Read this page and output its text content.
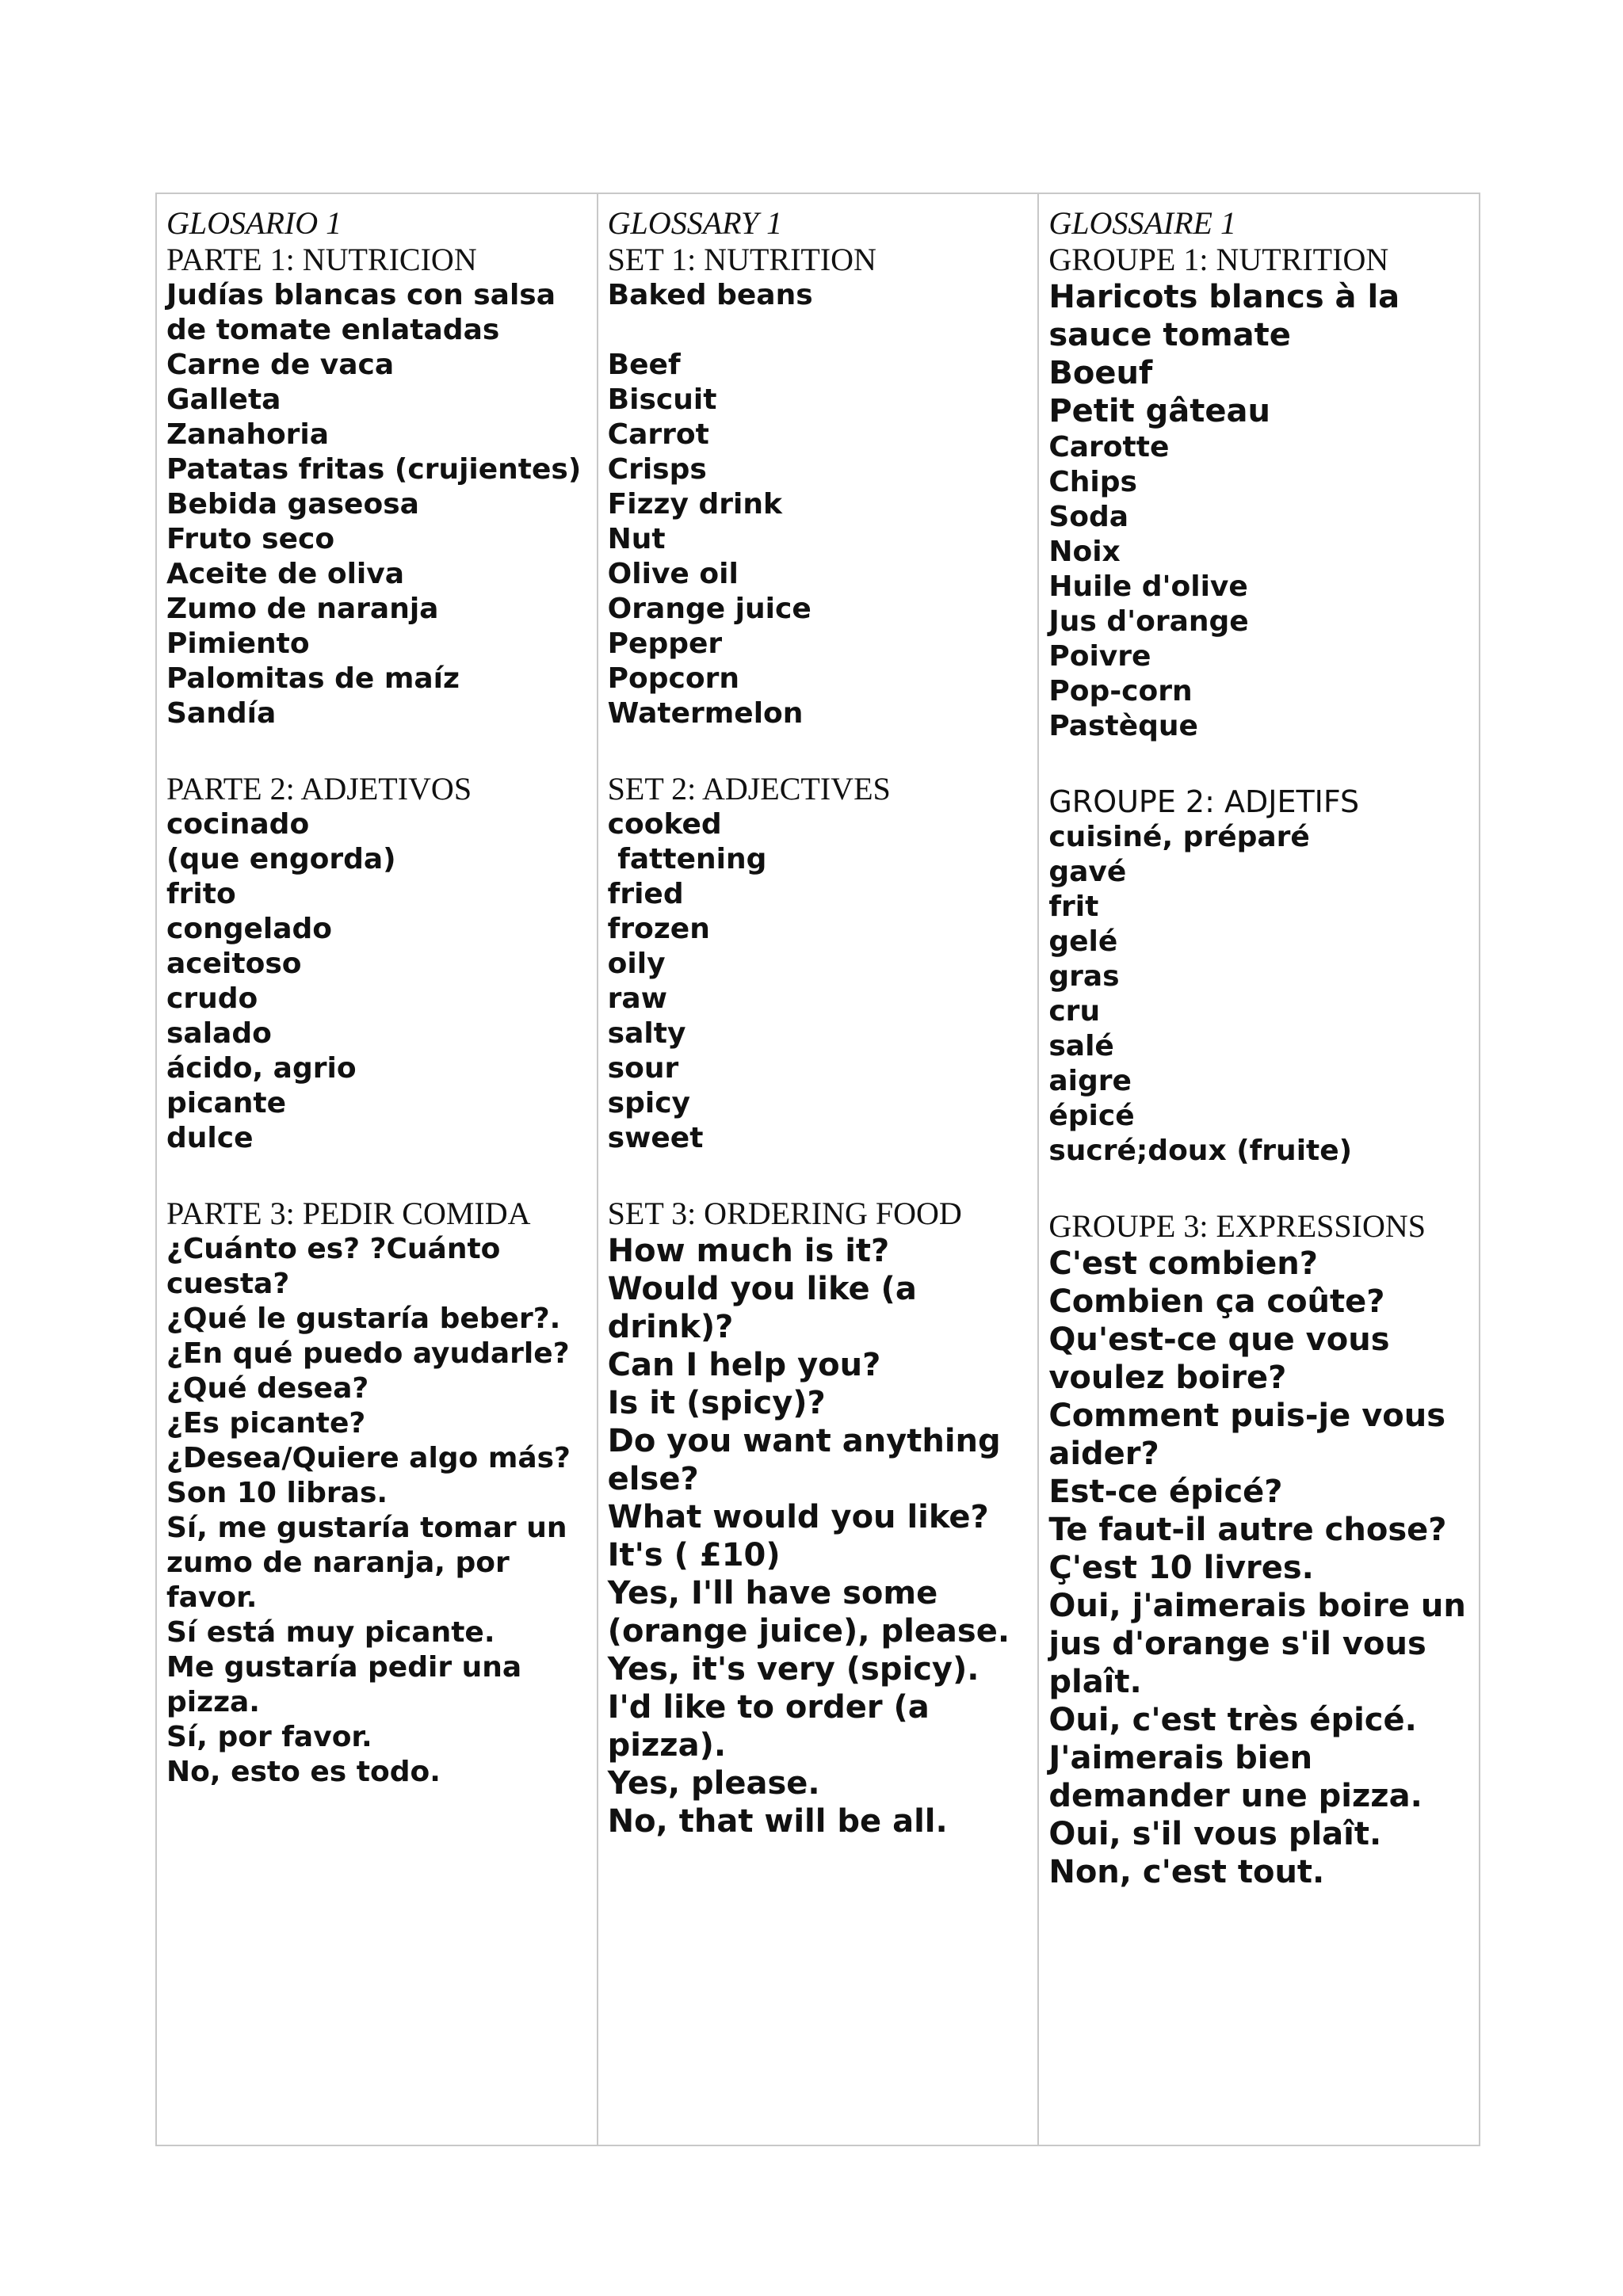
GLOSARIO 1
PARTE 1: NUTRICION
Judías blancas con salsa de tomate enlatadas
Carne de vaca
Galleta
Zanahoria
Patatas fritas (crujientes)
Bebida gaseosa
Fruto seco
Aceite de oliva
Zumo de naranja
Pimiento
Palomitas de maíz
Sandía
PARTE 2: ADJETIVOS
cocinado
(que engorda)
frito
congelado
aceitoso
crudo
salado
ácido, agrio
picante
dulce
PARTE 3: PEDIR COMIDA
¿Cuánto es? ?Cuánto cuesta?
¿Qué le gustaría beber?.
¿En qué puedo ayudarle?
¿Qué desea?
¿Es picante?
¿Desea/Quiere algo más?
Son 10 libras.
Sí, me gustaría tomar un zumo de naranja, por favor.
Sí está muy picante.
Me gustaría pedir una pizza.
Sí, por favor.
No, esto es todo.
GLOSSARY 1
SET 1: NUTRITION
Baked beans
Beef
Biscuit
Carrot
Crisps
Fizzy drink
Nut
Olive oil
Orange juice
Pepper
Popcorn
Watermelon
SET 2: ADJECTIVES
cooked
fattening
fried
frozen
oily
raw
salty
sour
spicy
sweet
SET 3: ORDERING FOOD
How much is it?
Would you like (a drink)?
Can I help you?
Is it (spicy)?
Do you want anything else?
What would you like?
It's ( £10)
Yes, I'll have some (orange juice), please.
Yes, it's very (spicy).
I'd like to order (a pizza).
Yes, please.
No, that will be all.
GLOSSAIRE 1
GROUPE 1: NUTRITION
Haricots blancs à la sauce tomate
Boeuf
Petit gâteau
Carotte
Chips
Soda
Noix
Huile d'olive
Jus d'orange
Poivre
Pop-corn
Pastèque
GROUPE 2: ADJETIFS
cuisiné, préparé
gavé
frit
gelé
gras
cru
salé
aigre
épicé
sucré;doux (fruite)
GROUPE 3: EXPRESSIONS
C'est combien? Combien ça coûte?
Qu'est-ce que vous voulez boire?
Comment puis-je vous aider?
Est-ce épicé?
Te faut-il autre chose?
Ç'est 10 livres.
Oui, j'aimerais boire un jus d'orange s'il vous plaît.
Oui, c'est très épicé.
J'aimerais bien demander une pizza.
Oui, s'il vous plaît.
Non, c'est tout.
